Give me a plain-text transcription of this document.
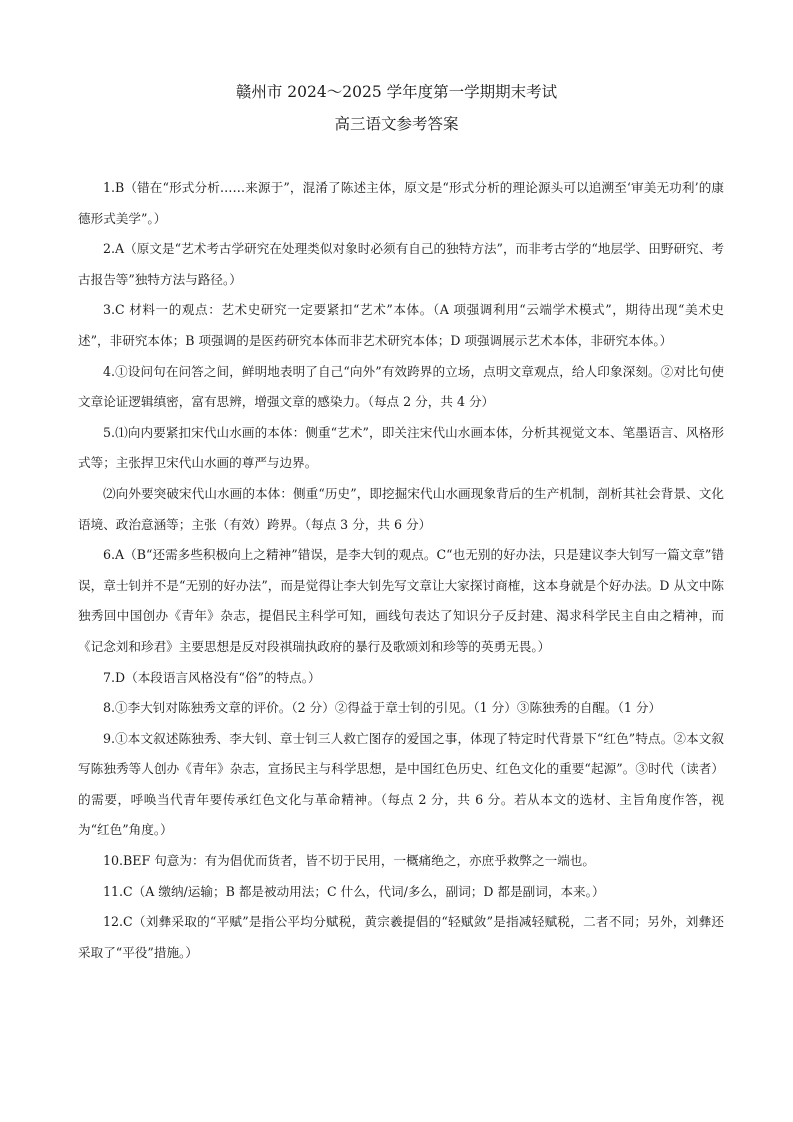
赣州市 2024～2025 学年度第一学期期末考试
高三语文参考答案

1.B（错在“形式分析……来源于”，混淆了陈述主体，原文是“形式分析的理论源头可以追溯至‘审美无功利’的康德形式美学”。）

2.A（原文是“艺术考古学研究在处理类似对象时必须有自己的独特方法”，而非考古学的“地层学、田野研究、考古报告等”独特方法与路径。）

3.C 材料一的观点：艺术史研究一定要紧扣“艺术”本体。（A 项强调利用“云端学术模式”，期待出现“美术史述”，非研究本体；B 项强调的是医药研究本体而非艺术研究本体；D 项强调展示艺术本体，非研究本体。）

4.①设问句在问答之间，鲜明地表明了自己“向外”有效跨界的立场，点明文章观点，给人印象深刻。②对比句使文章论证逻辑缜密，富有思辨，增强文章的感染力。（每点 2 分，共 4 分）

5.⑴向内要紧扣宋代山水画的本体：侧重“艺术”，即关注宋代山水画本体，分析其视觉文本、笔墨语言、风格形式等；主张捍卫宋代山水画的尊严与边界。

⑵向外要突破宋代山水画的本体：侧重“历史”，即挖掘宋代山水画现象背后的生产机制，剖析其社会背景、文化语境、政治意涵等；主张（有效）跨界。（每点 3 分，共 6 分）

6.A（B“还需多些积极向上之精神”错误，是李大钊的观点。C“也无别的好办法，只是建议李大钊写一篇文章”错误，章士钊并不是“无别的好办法”，而是觉得让李大钊先写文章让大家探讨商榷，这本身就是个好办法。D 从文中陈独秀回中国创办《青年》杂志，提倡民主科学可知，画线句表达了知识分子反封建、渴求科学民主自由之精神，而《记念刘和珍君》主要思想是反对段祺瑞执政府的暴行及歌颂刘和珍等的英勇无畏。）

7.D（本段语言风格没有“俗”的特点。）

8.①李大钊对陈独秀文章的评价。（2 分）②得益于章士钊的引见。（1 分）③陈独秀的自醒。（1 分）

9.①本文叙述陈独秀、李大钊、章士钊三人救亡图存的爱国之事，体现了特定时代背景下“红色”特点。②本文叙写陈独秀等人创办《青年》杂志，宣扬民主与科学思想，是中国红色历史、红色文化的重要“起源”。③时代（读者）的需要，呼唤当代青年要传承红色文化与革命精神。（每点 2 分，共 6 分。若从本文的选材、主旨角度作答，视为“红色”角度。）

10.BEF 句意为：有为倡优而货者，皆不切于民用，一概痛绝之，亦庶乎救弊之一端也。

11.C（A 缴纳/运输；B 都是被动用法；C 什么，代词/多么，副词；D 都是副词，本来。）

12.C（刘彝采取的“平赋”是指公平均分赋税，黄宗羲提倡的“轻赋敛”是指减轻赋税，二者不同；另外，刘彝还采取了“平役”措施。）
